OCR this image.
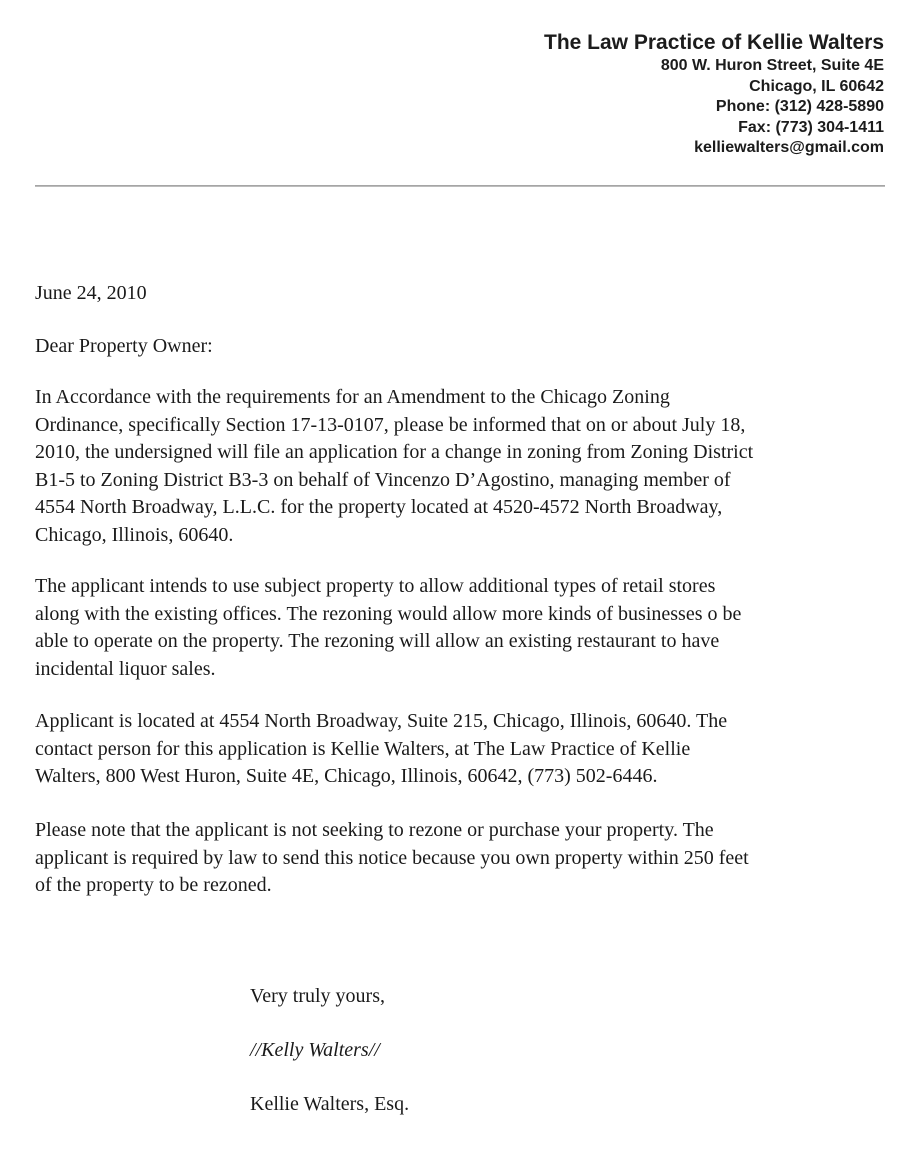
The Law Practice of Kellie Walters
800 W. Huron Street, Suite 4E
Chicago, IL 60642
Phone: (312) 428-5890
Fax: (773) 304-1411
kelliewalters@gmail.com
June 24, 2010
Dear Property Owner:
In Accordance with the requirements for an Amendment to the Chicago Zoning
Ordinance, specifically Section 17-13-0107, please be informed that on or about July 18,
2010, the undersigned will file an application for a change in zoning from Zoning District
B1-5 to Zoning District B3-3 on behalf of Vincenzo D’Agostino, managing member of
4554 North Broadway, L.L.C. for the property located at 4520-4572 North Broadway,
Chicago, Illinois, 60640.
The applicant intends to use subject property to allow additional types of retail stores
along with the existing offices. The rezoning would allow more kinds of businesses o be
able to operate on the property. The rezoning will allow an existing restaurant to have
incidental liquor sales.
Applicant is located at 4554 North Broadway, Suite 215, Chicago, Illinois, 60640. The
contact person for this application is Kellie Walters, at The Law Practice of Kellie
Walters, 800 West Huron, Suite 4E, Chicago, Illinois, 60642, (773) 502-6446.
Please note that the applicant is not seeking to rezone or purchase your property. The
applicant is required by law to send this notice because you own property within 250 feet
of the property to be rezoned.
Very truly yours,
//Kelly Walters//
Kellie Walters, Esq.
